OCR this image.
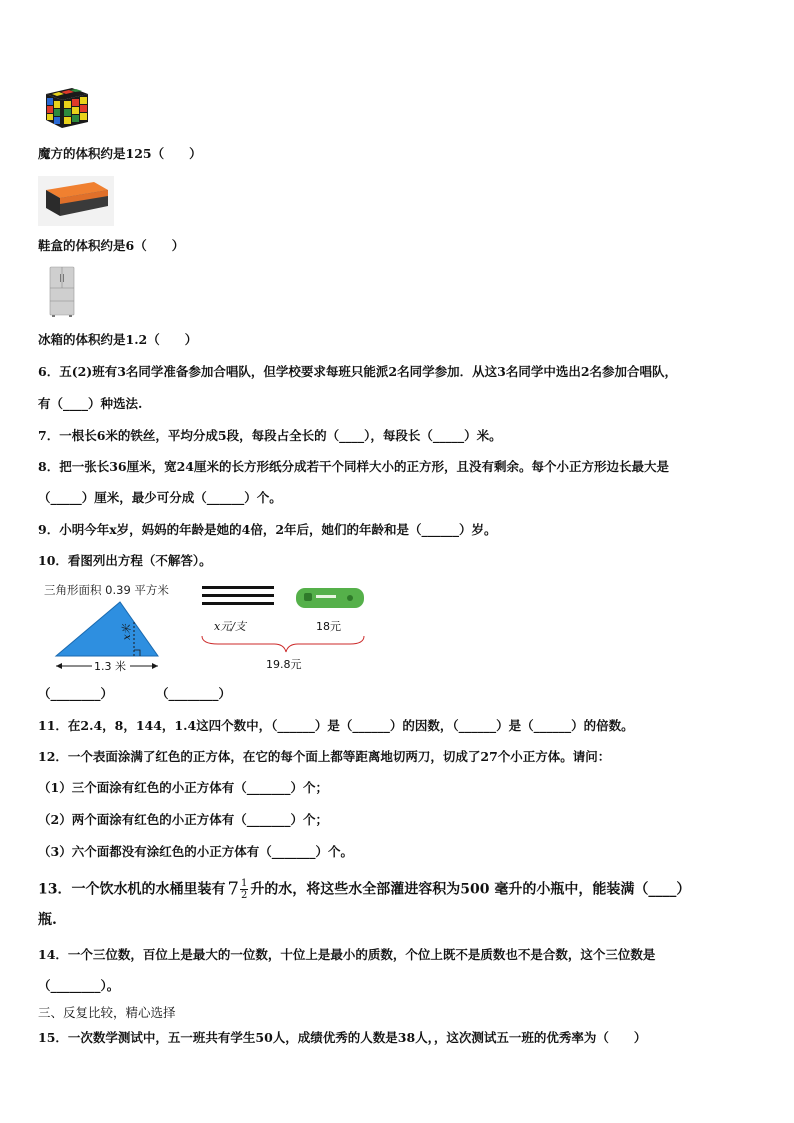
魔方的体积约是125（　　）
鞋盒的体积约是6（　　）
冰箱的体积约是1.2（　　）
6．五(2)班有3名同学准备参加合唱队，但学校要求每班只能派2名同学参加．从这3名同学中选出2名参加合唱队，
有（____）种选法.
7．一根长6米的铁丝，平均分成5段，每段占全长的（____），每段长（_____）米。
8．把一张长36厘米，宽24厘米的长方形纸分成若干个同样大小的正方形，且没有剩余。每个小正方形边长最大是
（_____）厘米，最少可分成（______）个。
9．小明今年x岁，妈妈的年龄是她的4倍，2年后，她们的年龄和是（______）岁。
10．看图列出方程（不解答）。
三角形面积 0.39 平方米
x米
1.3 米
x元/支	18元
19.8元
（________）	（________）
11．在2.4，8，144，1.4这四个数中，（______）是（______）的因数，（______）是（______）的倍数。
12．一个表面涂满了红色的正方体，在它的每个面上都等距离地切两刀，切成了27个小正方体。请问：
（1）三个面涂有红色的小正方体有（_______）个；
（2）两个面涂有红色的小正方体有（_______）个；
（3）六个面都没有涂红色的小正方体有（_______）个。
13．一个饮水机的水桶里装有 $7 \frac{1}{2}$ 升的水，将这些水全部灌进容积为500 毫升的小瓶中，能装满（____）
瓶.
14．一个三位数，百位上是最大的一位数，十位上是最小的质数，个位上既不是质数也不是合数，这个三位数是
（________）。
三、反复比较，精心选择
15．一次数学测试中，五一班共有学生50人，成绩优秀的人数是38人，，这次测试五一班的优秀率为（　　）
